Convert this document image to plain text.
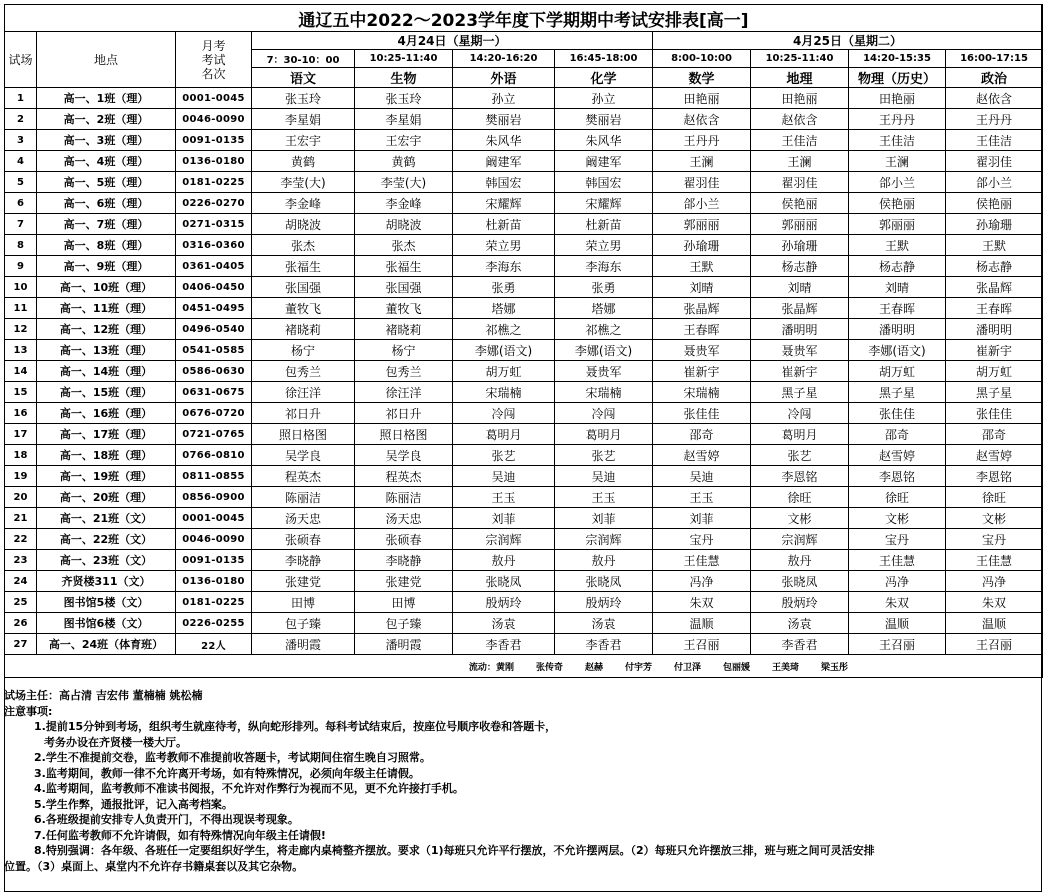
通辽五中2022～2023学年度下学期期中考试安排表[高一]										
试场	地点	月考
考试
名次	4月24日（星期一）				4月25日（星期二）			
			7：30-10：00	10:25-11:40	14:20-16:20	16:45-18:00	8:00-10:00	10:25-11:40	14:20-15:35	16:00-17:15
			语文	生物	外语	化学	数学	地理	物理（历史）	政治
1	高一、1班（理）	0001-0045	张玉玲	张玉玲	孙立	孙立	田艳丽	田艳丽	田艳丽	赵依含
2	高一、2班（理）	0046-0090	李星娟	李星娟	樊丽岩	樊丽岩	赵依含	赵依含	王丹丹	王丹丹
3	高一、3班（理）	0091-0135	王宏宇	王宏宇	朱风华	朱风华	王丹丹	王佳洁	王佳洁	王佳洁
4	高一、4班（理）	0136-0180	黄鹤	黄鹤	阚建军	阚建军	王澜	王澜	王澜	翟羽佳
5	高一、5班（理）	0181-0225	李莹(大)	李莹(大)	韩国宏	韩国宏	翟羽佳	翟羽佳	郃小兰	郃小兰
6	高一、6班（理）	0226-0270	李金峰	李金峰	宋耀辉	宋耀辉	郃小兰	侯艳丽	侯艳丽	侯艳丽
7	高一、7班（理）	0271-0315	胡晓波	胡晓波	杜新苗	杜新苗	郭丽丽	郭丽丽	郭丽丽	孙瑜珊
8	高一、8班（理）	0316-0360	张杰	张杰	荣立男	荣立男	孙瑜珊	孙瑜珊	王默	王默
9	高一、9班（理）	0361-0405	张福生	张福生	李海东	李海东	王默	杨志静	杨志静	杨志静
10	高一、10班（理）	0406-0450	张国强	张国强	张勇	张勇	刘晴	刘晴	刘晴	张晶辉
11	高一、11班（理）	0451-0495	董牧飞	董牧飞	塔娜	塔娜	张晶辉	张晶辉	王春晖	王春晖
12	高一、12班（理）	0496-0540	褚晓莉	褚晓莉	祁樵之	祁樵之	王春晖	潘明明	潘明明	潘明明
13	高一、13班（理）	0541-0585	杨宁	杨宁	李娜(语文)	李娜(语文)	聂贵军	聂贵军	李娜(语文)	崔新宇
14	高一、14班（理）	0586-0630	包秀兰	包秀兰	胡万虹	聂贵军	崔新宇	崔新宇	胡万虹	胡万虹
15	高一、15班（理）	0631-0675	徐汪洋	徐汪洋	宋瑞楠	宋瑞楠	宋瑞楠	黑子星	黑子星	黑子星
16	高一、16班（理）	0676-0720	祁日升	祁日升	冷闯	冷闯	张佳佳	冷闯	张佳佳	张佳佳
17	高一、17班（理）	0721-0765	照日格图	照日格图	葛明月	葛明月	邵奇	葛明月	邵奇	邵奇
18	高一、18班（理）	0766-0810	吴学良	吴学良	张艺	张艺	赵雪婷	张艺	赵雪婷	赵雪婷
19	高一、19班（理）	0811-0855	程英杰	程英杰	吴迪	吴迪	吴迪	李恩铭	李恩铭	李恩铭
20	高一、20班（理）	0856-0900	陈丽洁	陈丽洁	王玉	王玉	王玉	徐旺	徐旺	徐旺
21	高一、21班（文）	0001-0045	汤天忠	汤天忠	刘菲	刘菲	刘菲	文彬	文彬	文彬
22	高一、22班（文）	0046-0090	张硕春	张硕春	宗润辉	宗润辉	宝丹	宗润辉	宝丹	宝丹
23	高一、23班（文）	0091-0135	李晓静	李晓静	敖丹	敖丹	王佳慧	敖丹	王佳慧	王佳慧
24	齐贤楼311（文）	0136-0180	张建党	张建党	张晓凤	张晓凤	冯净	张晓凤	冯净	冯净
25	图书馆5楼（文）	0181-0225	田博	田博	殷炳玲	殷炳玲	朱双	殷炳玲	朱双	朱双
26	图书馆6楼（文）	0226-0255	包子臻	包子臻	汤袁	汤袁	温顺	汤袁	温顺	温顺
27	高一、24班（体育班）	22人	潘明霞	潘明霞	李香君	李香君	王召丽	李香君	王召丽	王召丽
流动：黄刚 张传奇 赵赫 付宇芳 付卫泽 包丽媛 王美琦 梁玉彤										
试场主任：高占清 吉宏伟 董楠楠 姚松楠
注意事项:
1.提前15分钟到考场，组织考生就座待考，纵向蛇形排列。每科考试结束后，按座位号顺序收卷和答题卡，
考务办设在齐贤楼一楼大厅。
2.学生不准提前交卷，监考教师不准提前收答题卡，考试期间住宿生晚自习照常。
3.监考期间，教师一律不允许离开考场，如有特殊情况，必须向年级主任请假。
4.监考期间，监考教师不准读书阅报，不允许对作弊行为视而不见，更不允许接打手机。
5.学生作弊，通报批评，记入高考档案。
6.各班级提前安排专人负责开门，不得出现误考现象。
7.任何监考教师不允许请假，如有特殊情况向年级主任请假!
8.特别强调：各年级、各班任一定要组织好学生，将走廊内桌椅整齐摆放。要求（1)每班只允许平行摆放，不允许摆两层。（2）每班只允许摆放三排，班与班之间可灵活安排
位置。（3）桌面上、桌堂内不允许存书籍桌套以及其它杂物。
